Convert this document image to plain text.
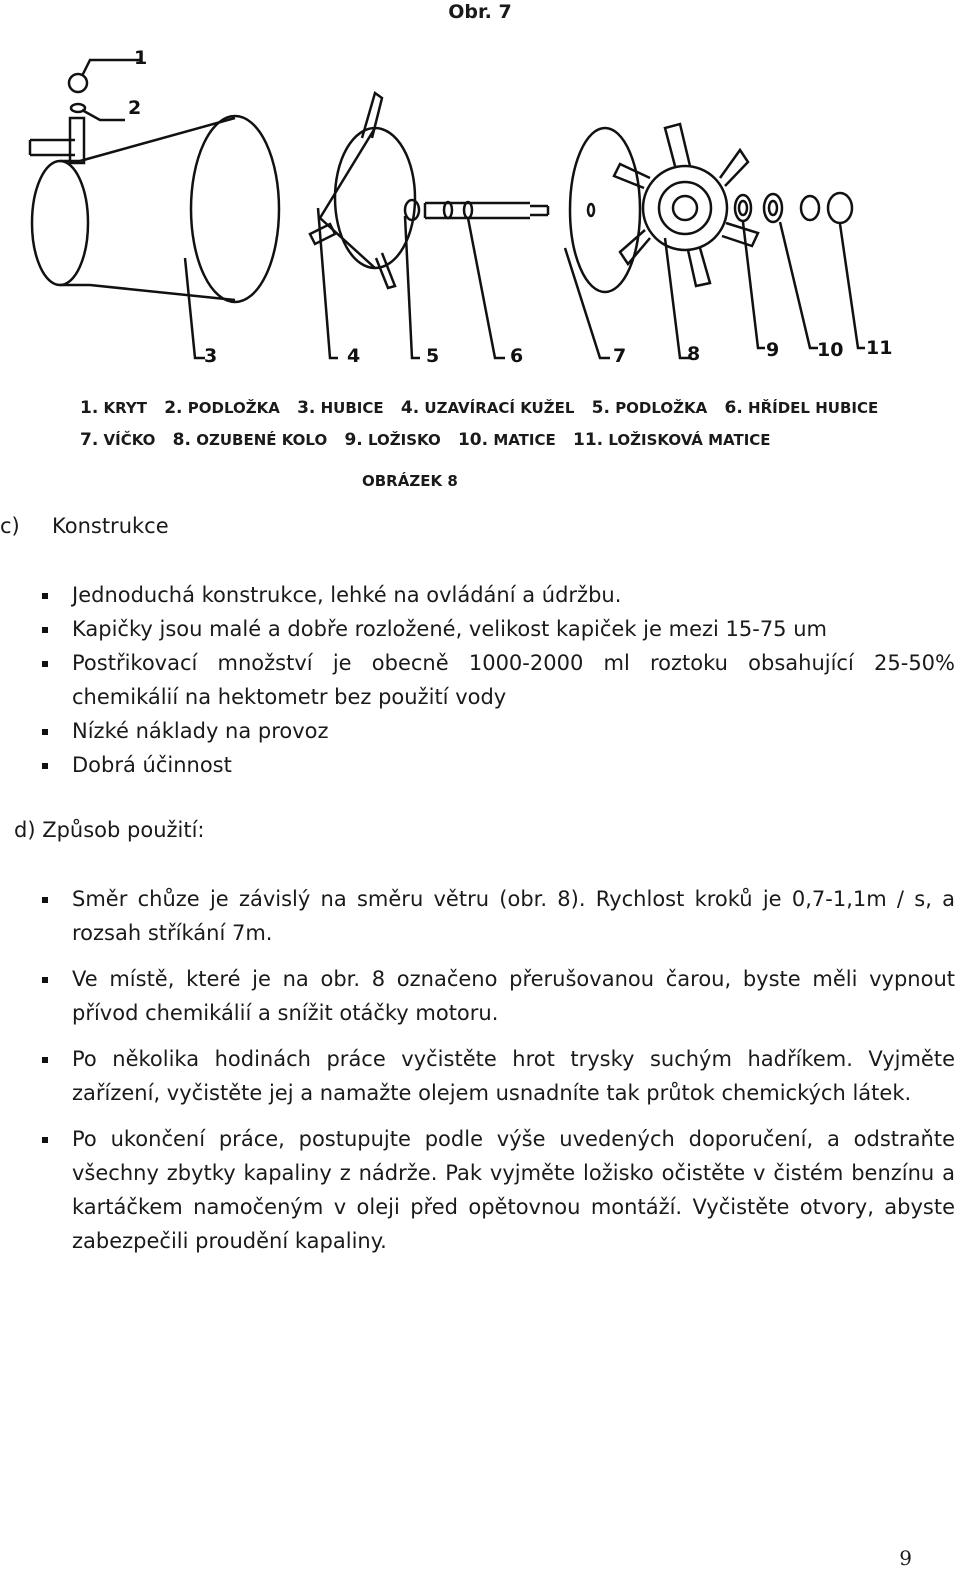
Obr. 7
1
2
3	4	5	6	7	8	9 10 11
1. KRYT 2. PODLOŽKA 3. HUBICE 4. UZAVÍRACÍ KUŽEL 5. PODLOŽKA 6. HŘÍDEL HUBICE
7. VÍČKO 8. OZUBENÉ KOLO 9. LOŽISKO 10. MATICE 11. LOŽISKOVÁ MATICE
OBRÁZEK 8
c) Konstrukce
Jednoduchá konstrukce, lehké na ovládání a údržbu.
Kapičky jsou malé a dobře rozložené, velikost kapiček je mezi 15-75 um
Postřikovací množství je obecně 1000-2000 ml roztoku obsahující 25-50% chemikálií na hektometr bez použití vody
Nízké náklady na provoz
Dobrá účinnost
d) Způsob použití:
Směr chůze je závislý na směru větru (obr. 8). Rychlost kroků je 0,7-1,1m / s, a rozsah stříkání 7m.
Ve místě, které je na obr. 8 označeno přerušovanou čarou, byste měli vypnout přívod chemikálií a snížit otáčky motoru.
Po několika hodinách práce vyčistěte hrot trysky suchým hadříkem. Vyjměte zařízení, vyčistěte jej a namažte olejem usnadníte tak průtok chemických látek.
Po ukončení práce, postupujte podle výše uvedených doporučení, a odstraňte všechny zbytky kapaliny z nádrže. Pak vyjměte ložisko očistěte v čistém benzínu a kartáčkem namočeným v oleji před opětovnou montáží. Vyčistěte otvory, abyste zabezpečili proudění kapaliny.
9
